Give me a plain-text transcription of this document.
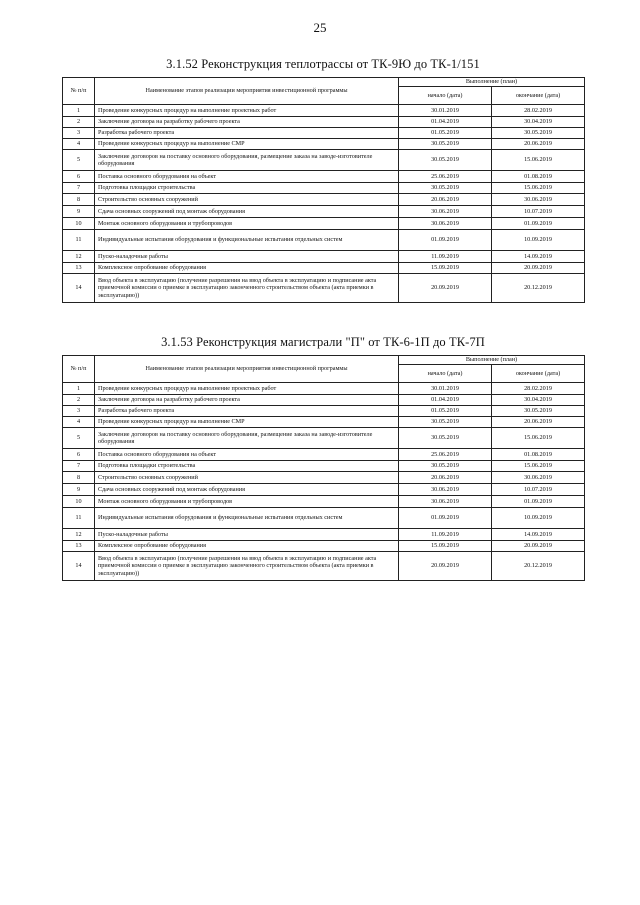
25
3.1.52 Реконструкция теплотрассы от ТК-9Ю до ТК-1/151
№ п/п	Наименование этапов реализации мероприятия инвестиционной программы	Выполнение (план)	
		начало (дата)	окончание (дата)
1	Проведение конкурсных процедур на выполнение проектных работ	30.01.2019	28.02.2019
2	Заключение договора на разработку рабочего проекта	01.04.2019	30.04.2019
3	Разработка рабочего проекта	01.05.2019	30.05.2019
4	Проведение конкурсных процедур на выполнение СМР	30.05.2019	20.06.2019
5	Заключение договоров на поставку основного оборудования, размещение заказа на заводе-изготовителе оборудования	30.05.2019	15.06.2019
6	Поставка основного оборудования на объект	25.06.2019	01.08.2019
7	Подготовка площадки строительства	30.05.2019	15.06.2019
8	Строительство основных сооружений	20.06.2019	30.06.2019
9	Сдача основных сооружений под монтаж оборудования	30.06.2019	10.07.2019
10	Монтаж основного оборудования и трубопроводов	30.06.2019	01.09.2019
11	Индивидуальные испытания оборудования и функциональные испытания отдельных систем	01.09.2019	10.09.2019
12	Пуско-наладочные работы	11.09.2019	14.09.2019
13	Комплексное опробование оборудования	15.09.2019	20.09.2019
14	Ввод объекта в эксплуатацию (получение разрешения на ввод объекта в эксплуатацию и подписание акта приемочной комиссии о приемке в эксплуатацию законченного строительством объекта (акта приемки в эксплуатацию))	20.09.2019	20.12.2019
3.1.53 Реконструкция магистрали "П" от ТК-6-1П до ТК-7П
№ п/п	Наименование этапов реализации мероприятия инвестиционной программы	Выполнение (план)	
		начало (дата)	окончание (дата)
1	Проведение конкурсных процедур на выполнение проектных работ	30.01.2019	28.02.2019
2	Заключение договора на разработку рабочего проекта	01.04.2019	30.04.2019
3	Разработка рабочего проекта	01.05.2019	30.05.2019
4	Проведение конкурсных процедур на выполнение СМР	30.05.2019	20.06.2019
5	Заключение договоров на поставку основного оборудования, размещение заказа на заводе-изготовителе оборудования	30.05.2019	15.06.2019
6	Поставка основного оборудования на объект	25.06.2019	01.08.2019
7	Подготовка площадки строительства	30.05.2019	15.06.2019
8	Строительство основных сооружений	20.06.2019	30.06.2019
9	Сдача основных сооружений под монтаж оборудования	30.06.2019	10.07.2019
10	Монтаж основного оборудования и трубопроводов	30.06.2019	01.09.2019
11	Индивидуальные испытания оборудования и функциональные испытания отдельных систем	01.09.2019	10.09.2019
12	Пуско-наладочные работы	11.09.2019	14.09.2019
13	Комплексное опробование оборудования	15.09.2019	20.09.2019
14	Ввод объекта в эксплуатацию (получение разрешения на ввод объекта в эксплуатацию и подписание акта приемочной комиссии о приемке в эксплуатацию законченного строительством объекта (акта приемки в эксплуатацию))	20.09.2019	20.12.2019
